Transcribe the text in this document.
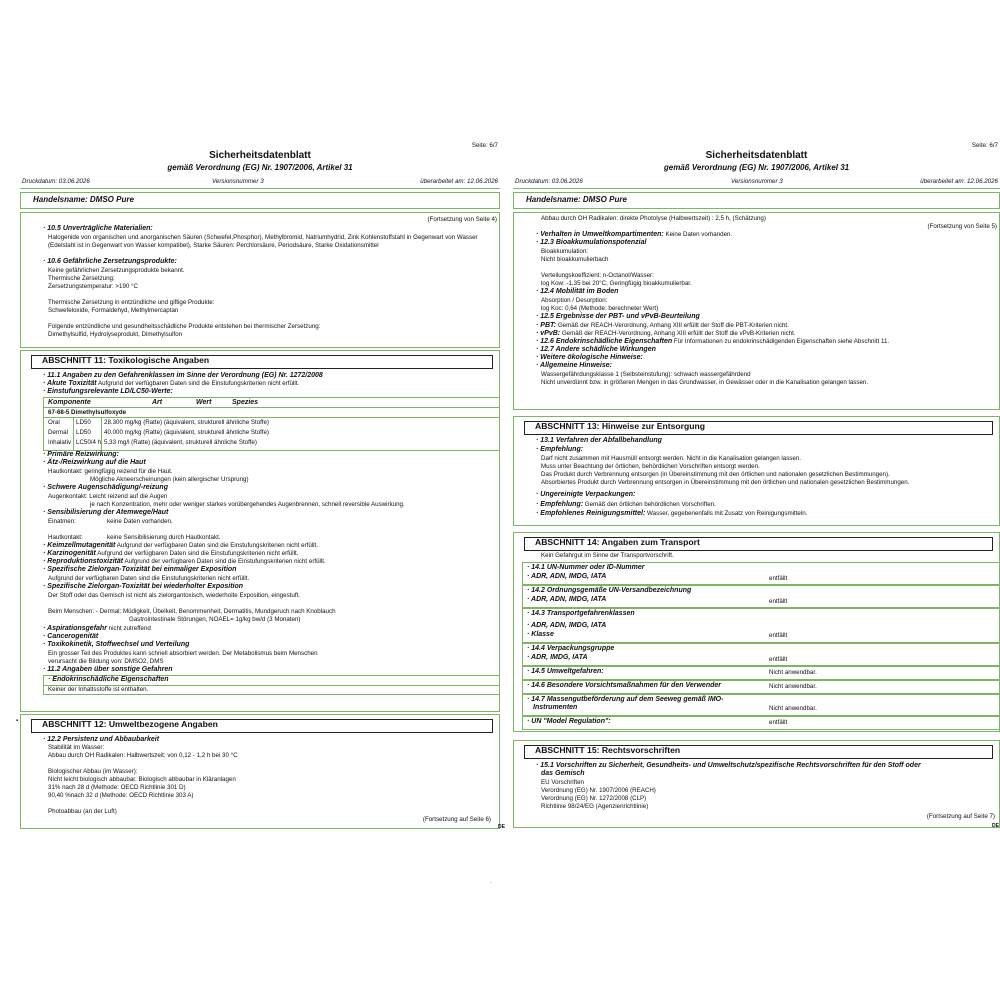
Seite: 6/7
Sicherheitsdatenblatt
gemäß Verordnung (EG) Nr. 1907/2006, Artikel 31
Druckdatum: 03.06.2026	Versionsnummer 3	überarbeitet am: 12.06.2026
Handelsname: DMSO Pure
(Fortsetzung von Seite 4)
· 10.5 Unverträgliche Materialien:
Halogenide von organischen und anorganischen Säuren (Schwefel,Phosphor), Methylbromid, Natriumhydrid, Zink Kohlenstoffstahl in Gegenwart von Wasser (Edelstahl ist in Gegenwart von Wasser kompatibel), Starke Säuren: Perchlorsäure, Periodsäure, Starke Oxidationsmittel
· 10.6 Gefährliche Zersetzungsprodukte:
Keine gefährlichen Zersetzungsprodukte bekannt.
Thermische Zersetzung:
Zersetzungstemperatur: >190 °C
Thermische Zersetzung in entzündliche und giftige Produkte:
Schwefeloxide, Formaldehyd, Methylmercaptan
Folgende entzündliche und gesundheitsschädliche Produkte entstehen bei thermischer Zersetzung:
Dimethylsulfid, Hydrolyseprodukt, Dimethylsulfon
ABSCHNITT 11: Toxikologische Angaben
· 11.1 Angaben zu den Gefahrenklassen im Sinne der Verordnung (EG) Nr. 1272/2008
· Akute Toxizität Aufgrund der verfügbaren Daten sind die Einstufungskriterien nicht erfüllt.
· Einstufungsrelevante LD/LC50-Werte:
Komponente	Art	Wert	Spezies
67-68-5 Dimethylsulfoxyde
Oral	LD50 28.300 mg/kg (Ratte) (äquivalent, strukturell ähnliche Stoffe)
Dermal LD50 40.000 mg/kg (Ratte) (äquivalent, strukturell ähnliche Stoffe)
Inhalativ LC50/4 h 5,33 mg/l (Ratte) (äquivalent, strukturell ähnliche Stoffe)
· Primäre Reizwirkung:
· Ätz-/Reizwirkung auf die Haut
Hautkontakt: geringfügig reizend für die Haut.
Mögliche Akneerscheinungen (kein allergischer Ursprung)
· Schwere Augenschädigung/-reizung
Augenkontakt: Leicht reizend auf die Augen
je nach Konzentration, mehr oder weniger starkes vorübergehendes Augenbrennen, schnell reversible Auswirkung.
· Sensibilisierung der Atemwege/Haut
Einatmen:	keine Daten vorhanden.
Hautkontakt:	keine Sensibilisierung durch Hautkontakt.
· Keimzellmutagenität Aufgrund der verfügbaren Daten sind die Einstufungskriterien nicht erfüllt.
· Karzinogenität Aufgrund der verfügbaren Daten sind die Einstufungskriterien nicht erfüllt.
· Reproduktionstoxizität Aufgrund der verfügbaren Daten sind die Einstufungskriterien nicht erfüllt.
· Spezifische Zielorgan-Toxizität bei einmaliger Exposition
Aufgrund der verfügbaren Daten sind die Einstufungskriterien nicht erfüllt.
· Spezifische Zielorgan-Toxizität bei wiederholter Exposition
Der Stoff oder das Gemisch ist nicht als zielorgantoxisch, wiederholte Exposition, eingestuft.
Beim Menschen: - Dermal: Müdigkeit, Übelkeit, Benommenheit, Dermatitis, Mundgeruch nach Knoblauch
Gastrointestinale Störungen, NOAEL= 1g/kg bw/d (3 Monaten)
· Aspirationsgefahr nicht zutreffend
· Cancerogenität
· Toxikokinetik, Stoffwechsel und Verteilung
Ein grosser Teil des Produktes kann schnell absorbiert werden. Der Metabolismus beim Menschen
verursacht die Bildung von: DMSO2, DMS
· 11.2 Angaben über sonstige Gefahren
· Endokrinschädliche Eigenschaften
Keiner der Inhaltsstoffe ist enthalten.
▪	ABSCHNITT 12: Umweltbezogene Angaben
· 12.2 Persistenz und Abbaubarkeit
Stabilität im Wasser:
Abbau durch OH Radikalen: Halbwertszeit: von 0,12 - 1,2 h bei 30 °C
Biologischer Abbau (im Wasser):
Nicht leicht biologisch abbaubar. Biologisch abbaubar in Kläranlagen
31% nach 28 d (Methode: OECD Richtlinie 301 D)
90,40 %nach 32 d (Methode: OECD Richtlinie 303 A)
Photoabbau (an der Luft)
(Fortsetzung auf Seite 6)
DE
Seite: 6/7
Sicherheitsdatenblatt
gemäß Verordnung (EG) Nr. 1907/2006, Artikel 31
Druckdatum: 03.06.2026	Versionsnummer 3	überarbeitet am: 12.06.2026
Handelsname: DMSO Pure
Abbau durch OH Radikalen: direkte Photolyse (Halbwertszeit) : 2,5 h, (Schätzung)
(Fortsetzung von Seite 5)
· Verhalten in Umweltkompartimenten: Keine Daten vorhanden.
· 12.3 Bioakkumulationspotenzial
Bioakkumulation:
Nicht bioakkumulierbach
Verteilungskoeffizient: n-Octanol/Wasser:
log Kow: -1,35 bei 20°C, Geringfügig bioakkumulierbar.
· 12.4 Mobilität im Boden
Absorption / Desorption:
log Koc: 0,64 (Methode: berechneter Wert)
· 12.5 Ergebnisse der PBT- und vPvB-Beurteilung
· PBT: Gemäß der REACH-Verordnung, Anhang XIII erfüllt der Stoff die PBT-Kriterien nicht.
· vPvB: Gemäß der REACH-Verordnung, Anhang XIII erfüllt der Stoff die vPvB-Kriterien nicht.
· 12.6 Endokrinschädliche Eigenschaften Für Informationen zu endokrinschädigenden Eigenschaften siehe Abschnitt 11.
· 12.7 Andere schädliche Wirkungen
· Weitere ökologische Hinweise:
· Allgemeine Hinweise:
Wassergefährdungsklasse 1 (Selbsteinstufung): schwach wassergefährdend
Nicht unverdünnt bzw. in größeren Mengen in das Grundwasser, in Gewässer oder in die Kanalisation gelangen lassen.
ABSCHNITT 13: Hinweise zur Entsorgung
· 13.1 Verfahren der Abfallbehandlung
· Empfehlung:
Darf nicht zusammen mit Hausmüll entsorgt werden. Nicht in die Kanalisation gelangen lassen.
Muss unter Beachtung der örtlichen, behördlichen Vorschriften entsorgt werden.
Das Produkt durch Verbrennung entsorgen (in Übereinstimmung mit den örtlichen und nationalen gesetzlichen Bestimmungen).
Absorbiertes Produkt durch Verbrennung entsorgen in Übereinstimmung mit den örtlichen und nationalen gesetzlichen Bestimmungen.
· Ungereinigte Verpackungen:
· Empfehlung: Gemäß den örtlichen behördlichen Vorschriften.
· Empfohlenes Reinigungsmittel: Wasser, gegebenenfalls mit Zusatz von Reinigungsmitteln.
ABSCHNITT 14: Angaben zum Transport
Kein Gefahrgut im Sinne der Transportvorschrift.
· 14.1 UN-Nummer oder ID-Nummer
· ADR, ADN, IMDG, IATA	entfällt
· 14.2 Ordnungsgemäße UN-Versandbezeichnung
· ADR, ADN, IMDG, IATA	entfällt
· 14.3 Transportgefahrenklassen
· ADR, ADN, IMDG, IATA
· Klasse	entfällt
· 14.4 Verpackungsgruppe
· ADR, IMDG, IATA	entfällt
· 14.5 Umweltgefahren:	Nicht anwendbar.
· 14.6 Besondere Vorsichtsmaßnahmen für den Verwender	Nicht anwendbar.
· 14.7 Massengutbeförderung auf dem Seeweg gemäß IMO-
Instrumenten	Nicht anwendbar.
· UN "Model Regulation":	entfällt
ABSCHNITT 15: Rechtsvorschriften
· 15.1 Vorschriften zu Sicherheit, Gesundheits- und Umweltschutz/spezifische Rechtsvorschriften für den Stoff oder
das Gemisch
EU Vorschriften
Verordnung (EG) Nr. 1907/2006 (REACH)
Verordnung (EG) Nr. 1272/2008 (CLP)
Richtlinie 98/24/EG (Agenzienrichtlinie)
(Fortsetzung auf Seite 7)
DE
·
